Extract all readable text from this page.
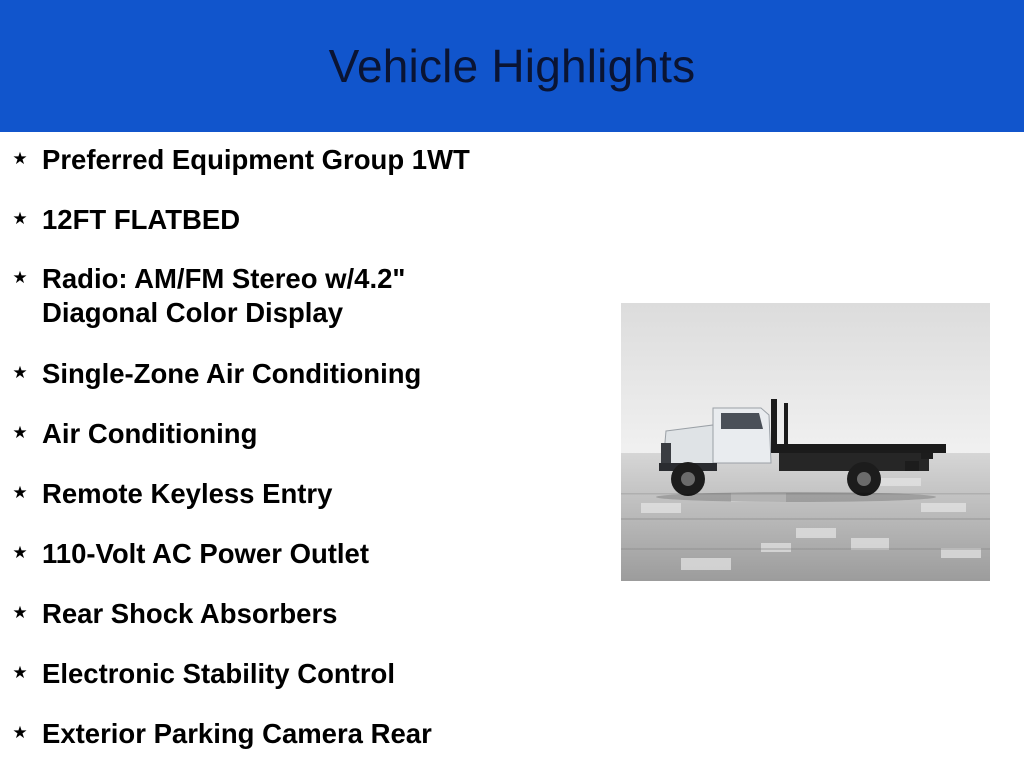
Vehicle Highlights
★ Preferred Equipment Group 1WT
★ 12FT FLATBED
★ Radio: AM/FM Stereo w/4.2" Diagonal Color Display
★ Single-Zone Air Conditioning
★ Air Conditioning
★ Remote Keyless Entry
★ 110-Volt AC Power Outlet
★ Rear Shock Absorbers
★ Electronic Stability Control
★ Exterior Parking Camera Rear
